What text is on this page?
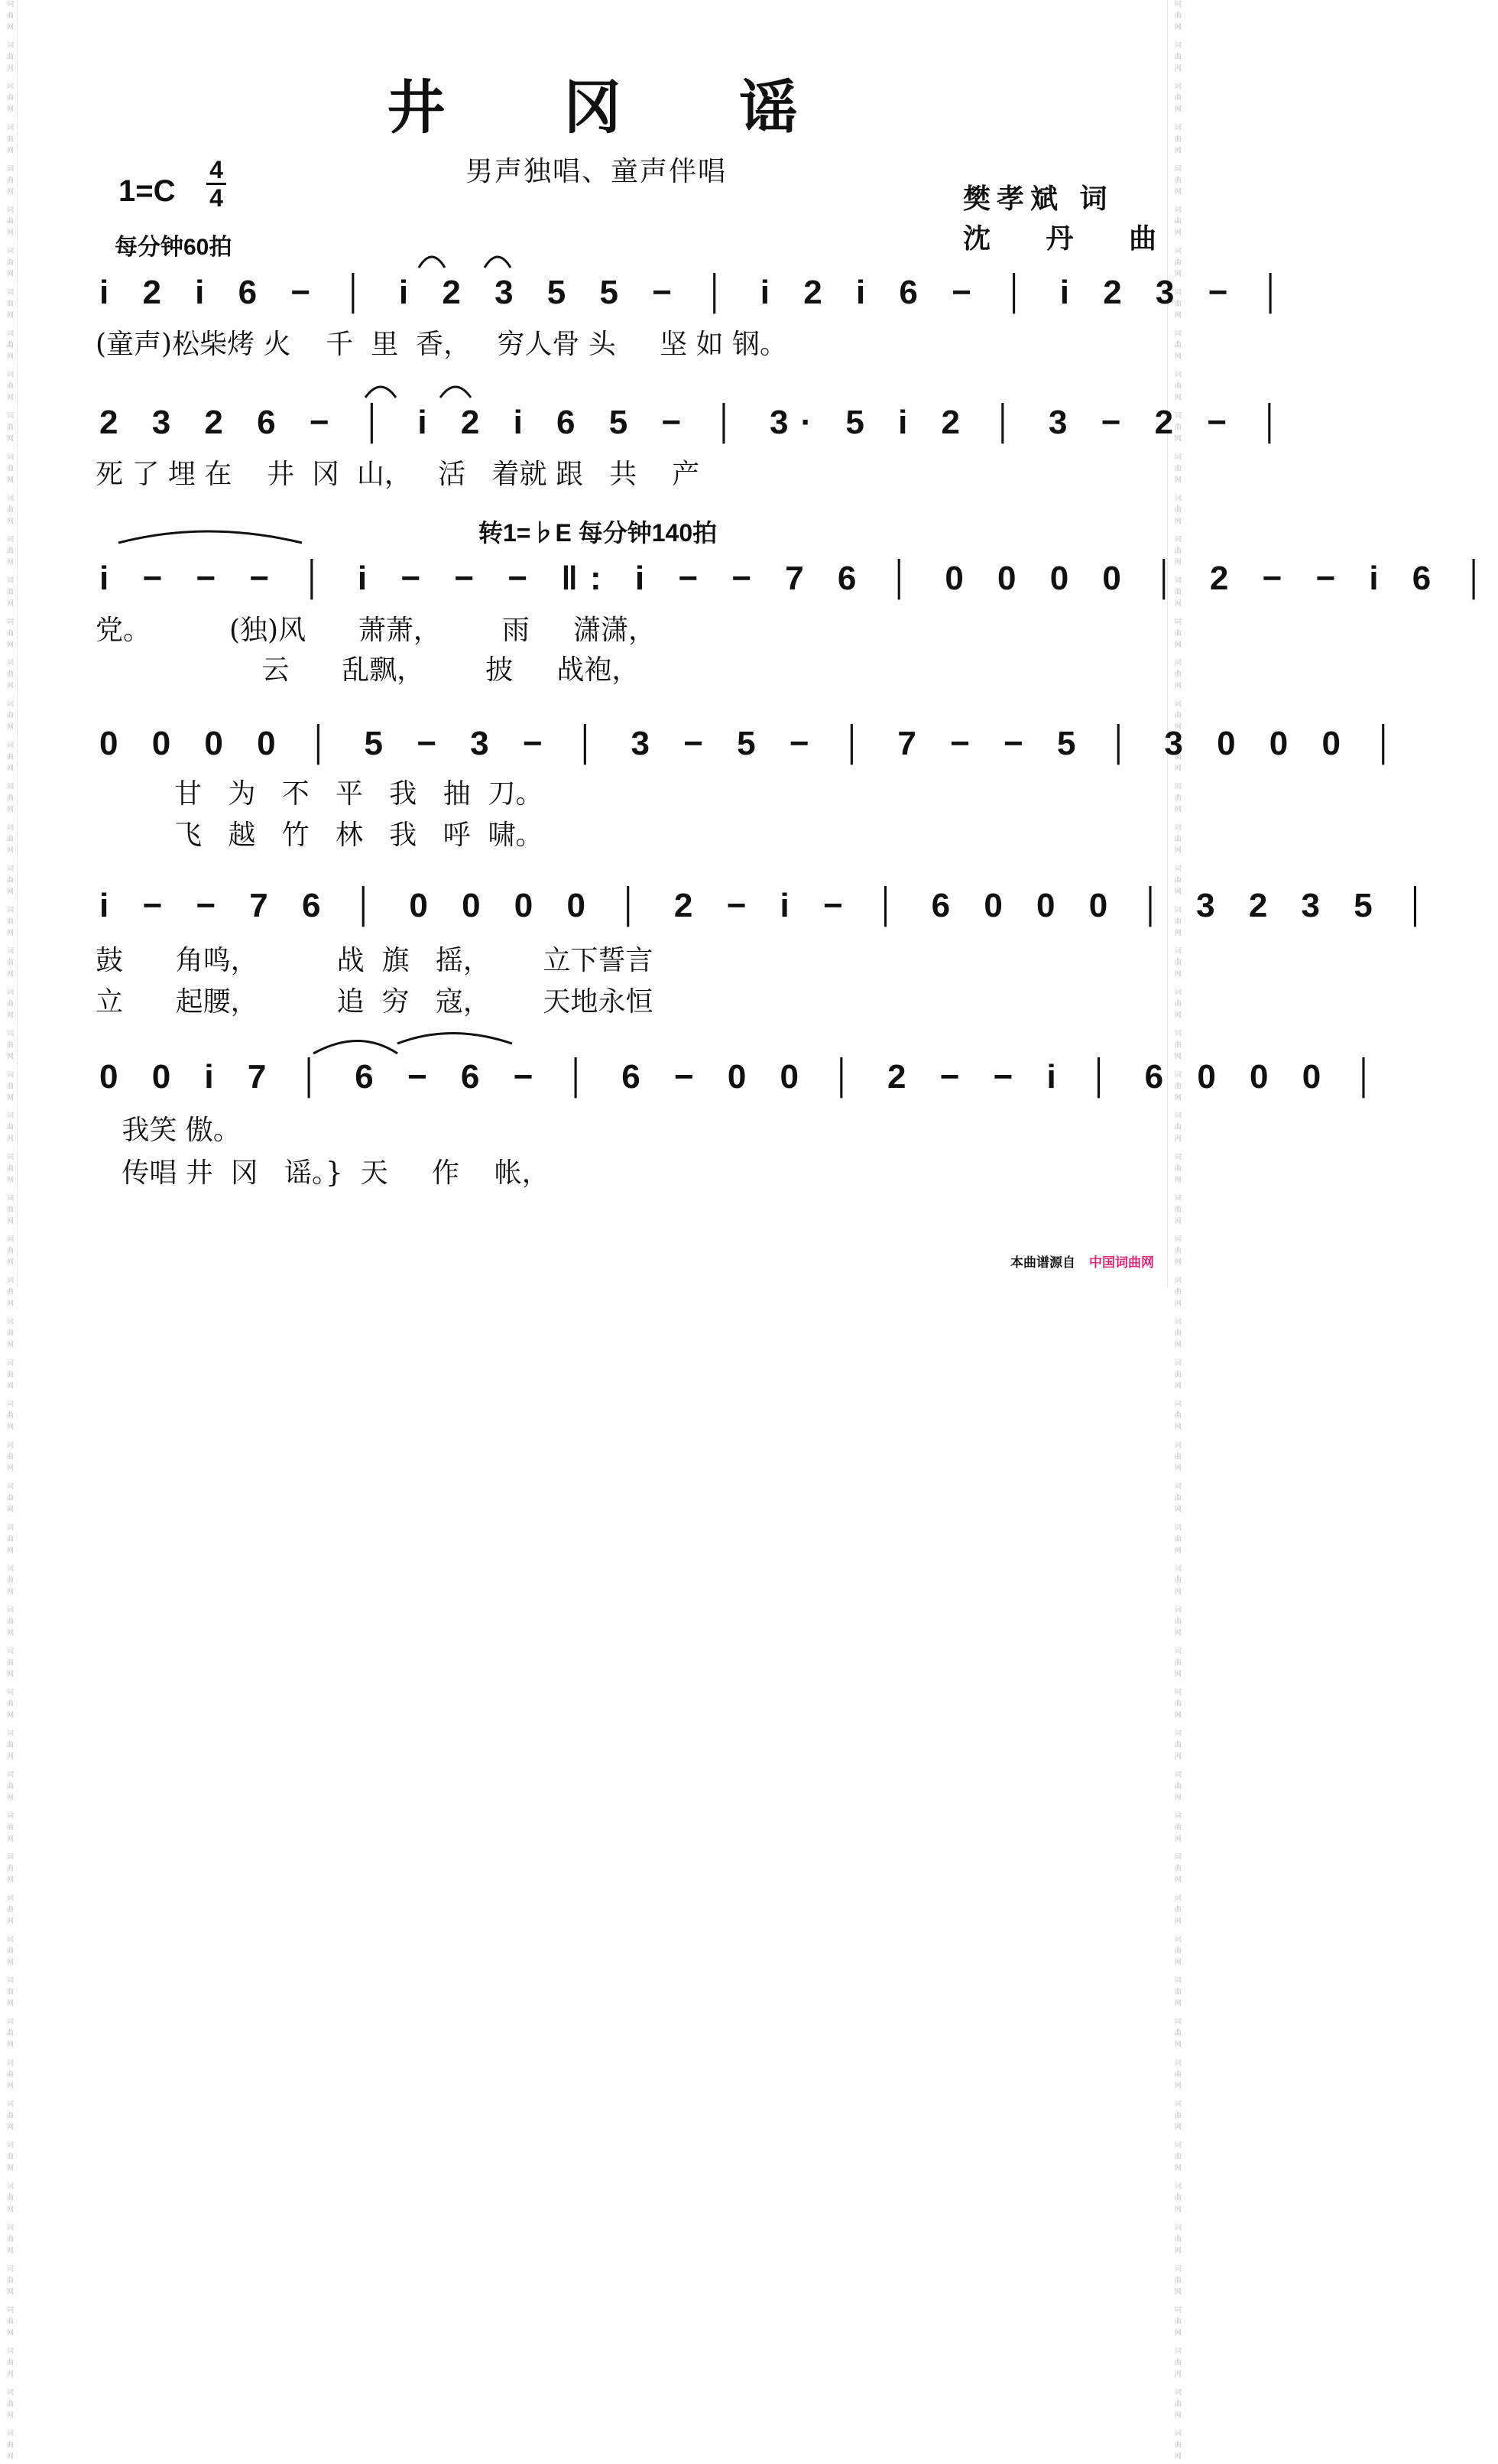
词曲网 词曲网 词曲网 词曲网 词曲网 词曲网 词曲网 词曲网 词曲网 词曲网 词曲网 词曲网 词曲网 词曲网 词曲网 词曲网 词曲网 词曲网 词曲网 词曲网 词曲网 词曲网 词曲网 词曲网 词曲网 词曲网 词曲网 词曲网 词曲网 词曲网 词曲网 词曲网 词曲网 词曲网 词曲网 词曲网 词曲网 词曲网 词曲网 词曲网 词曲网 词曲网 词曲网 词曲网 词曲网 词曲网 词曲网 词曲网 词曲网 词曲网 词曲网 词曲网 词曲网 词曲网 词曲网 词曲网 词曲网 词曲网 词曲网 词曲网	词曲网 词曲网 词曲网 词曲网 词曲网 词曲网 词曲网 词曲网 词曲网 词曲网 词曲网 词曲网 词曲网 词曲网 词曲网 词曲网 词曲网 词曲网 词曲网 词曲网 词曲网 词曲网 词曲网 词曲网 词曲网 词曲网 词曲网 词曲网 词曲网 词曲网 词曲网 词曲网 词曲网 词曲网 词曲网 词曲网 词曲网 词曲网 词曲网 词曲网 词曲网 词曲网 词曲网 词曲网 词曲网 词曲网 词曲网 词曲网 词曲网 词曲网 词曲网 词曲网 词曲网 词曲网 词曲网 词曲网 词曲网 词曲网 词曲网 词曲网
井 冈 谣
男声独唱、童声伴唱
1=C
4
4
每分钟60拍
樊孝斌 词
沈 丹 曲
i 2 i 6 − │ i 2 3 5 5 − │ i 2 i 6 − │ i 2 3 − │
(童声)松柴烤 火    千  里  香，   穷人骨 头     坚 如 钢。
2 3 2 6 − │ i 2 i 6 5 − │ 3· 5 i 2 │ 3 − 2 − │
死 了 埋 在    井  冈  山，   活   着就 跟   共    产
转1=♭E 每分钟140拍
i − − − │ i − − − ‖: i − − 7 6 │ 0 0 0 0 │ 2 − − i 6 │
党。         (独)风      萧萧，       雨     潇潇，
云      乱飘，       披     战袍，
0 0 0 0 │ 5 − 3 − │ 3 − 5 − │ 7 − − 5 │ 3 0 0 0 │
甘   为   不   平   我   抽  刀。
飞   越   竹   林   我   呼  啸。
i − − 7 6 │ 0 0 0 0 │ 2 − i − │ 6 0 0 0 │ 3 2 3 5 │
鼓      角鸣，         战  旗   摇，      立下誓言
立      起腰，         追  穷   寇，      天地永恒
0 0 i 7 │ 6 − 6 − │ 6 − 0 0 │ 2 − − i │ 6 0 0 0 │
我笑 傲。
传唱 井  冈   谣。}  天     作    帐，
本曲谱源自 中国词曲网
